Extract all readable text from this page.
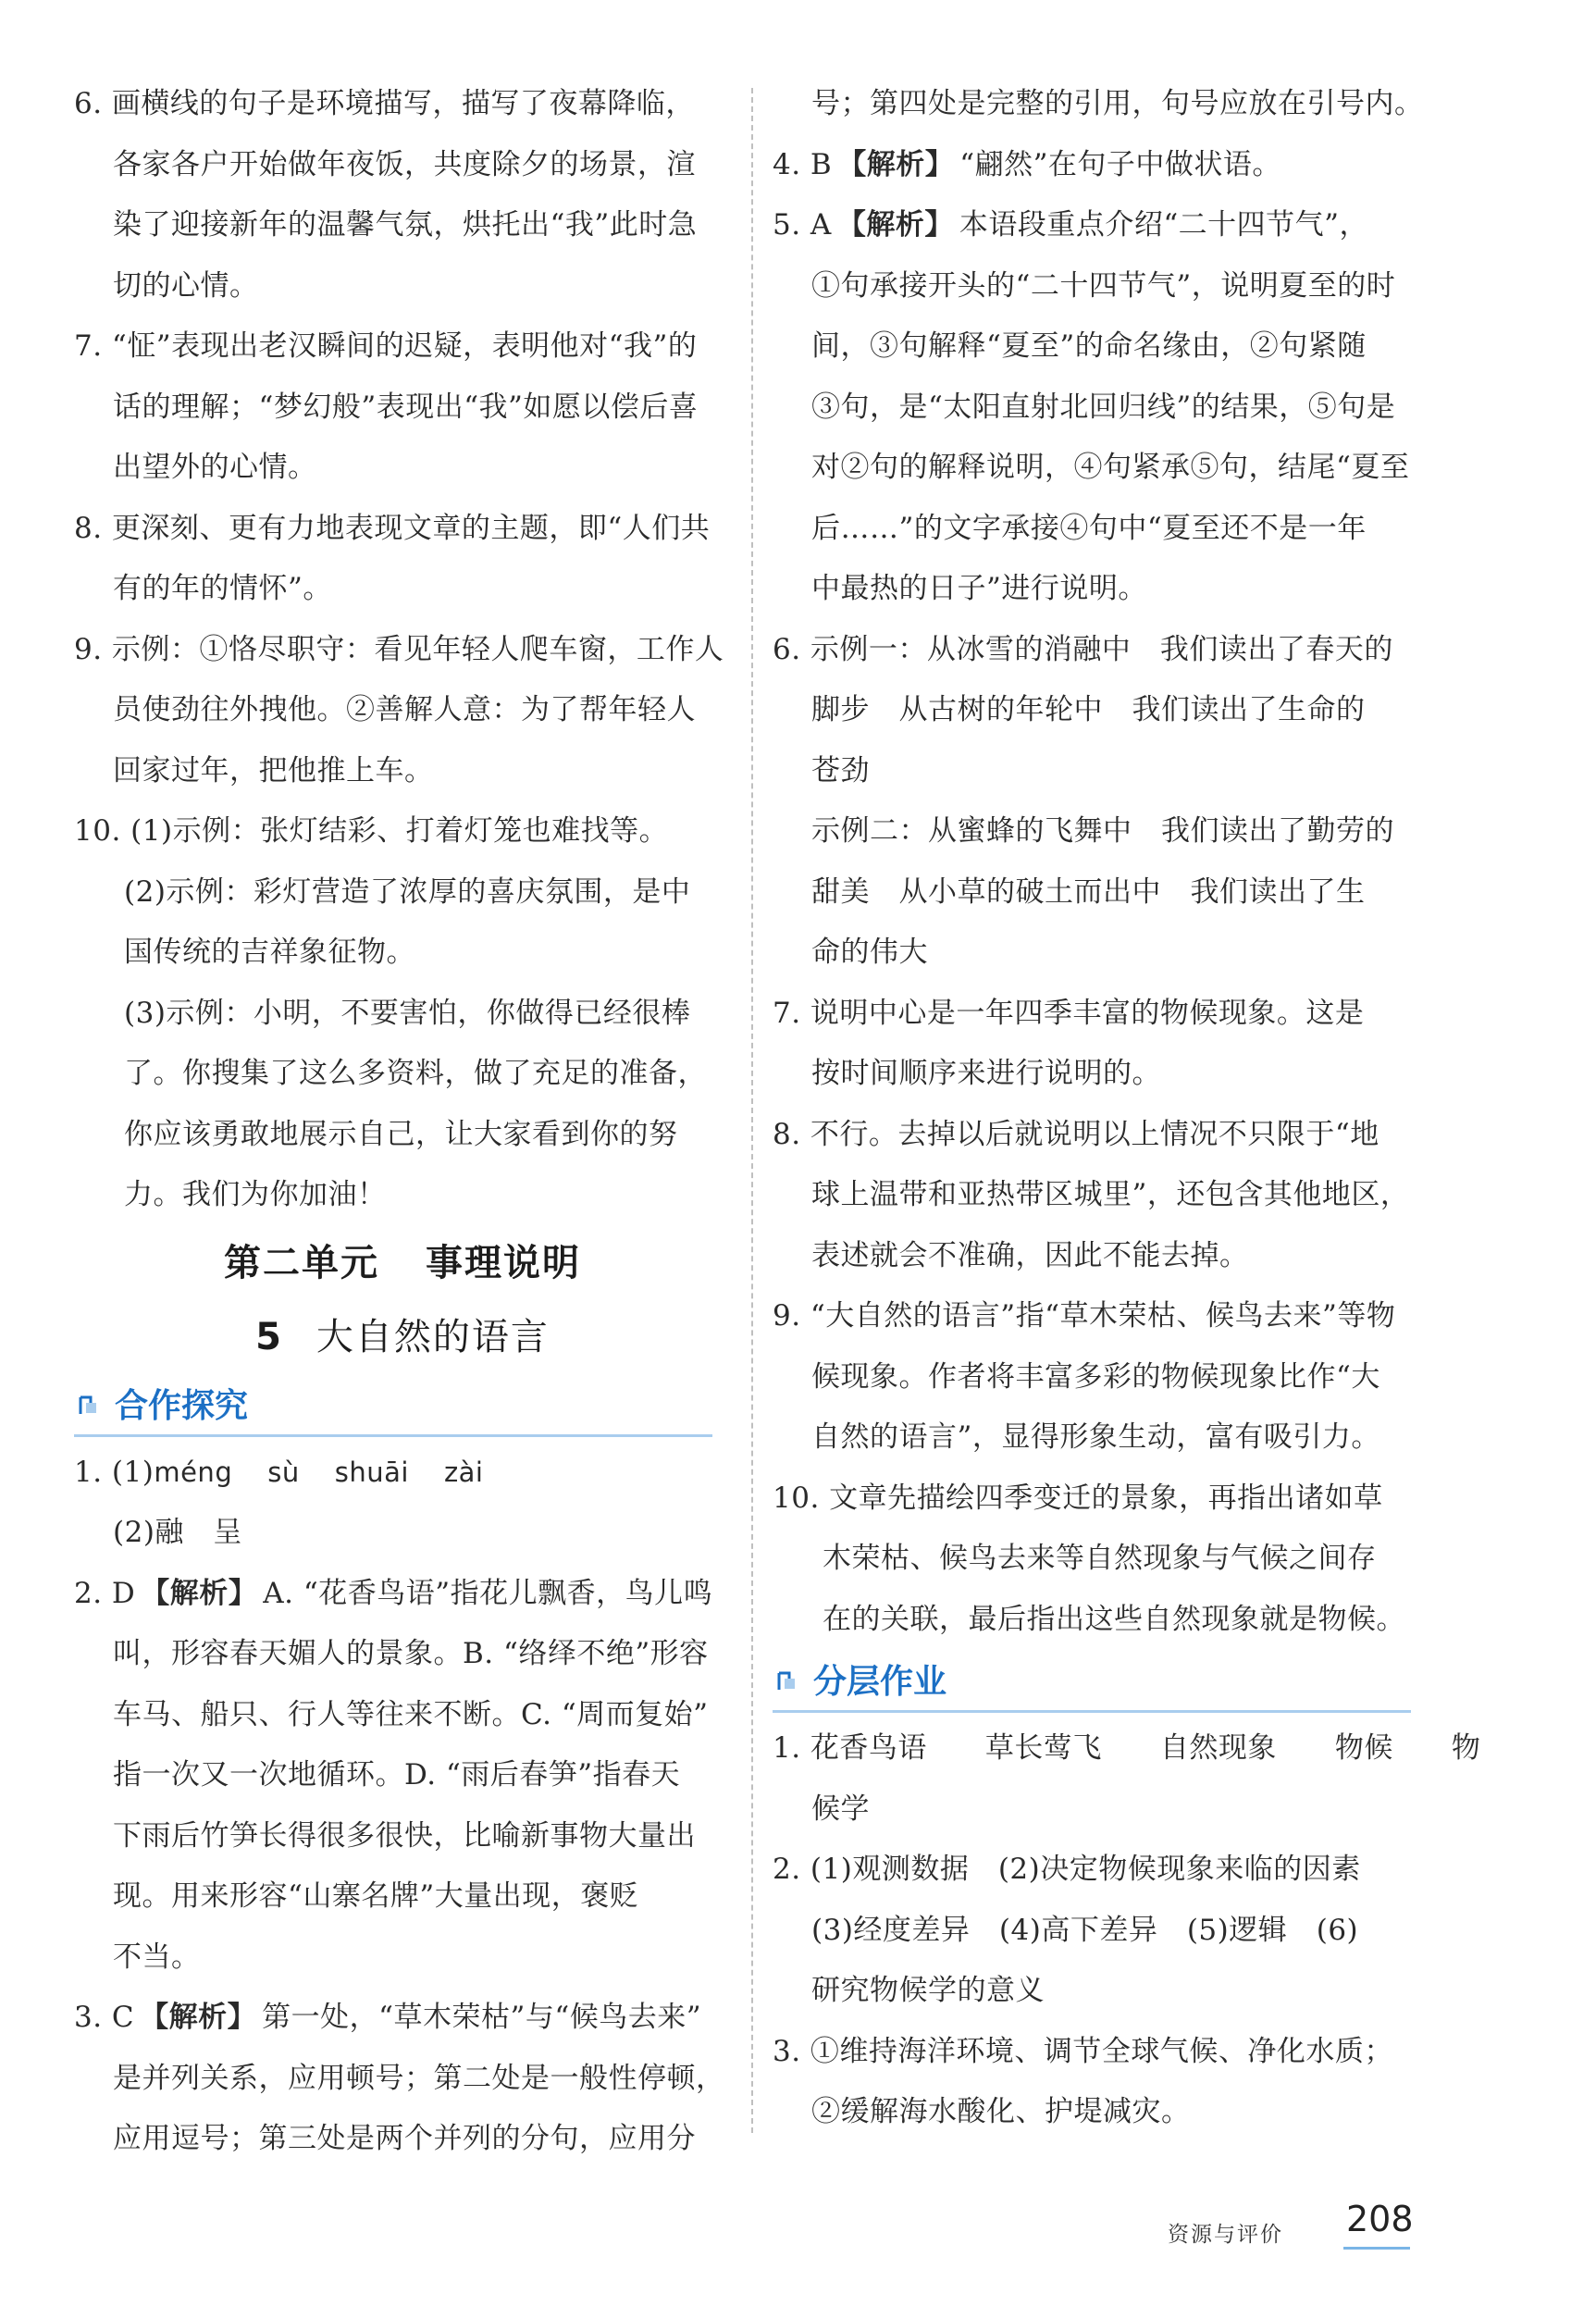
6. 画横线的句子是环境描写，描写了夜幕降临，
各家各户开始做年夜饭，共度除夕的场景，渲
染了迎接新年的温馨气氛，烘托出“我”此时急
切的心情。
7. “怔”表现出老汉瞬间的迟疑，表明他对“我”的
话的理解；“梦幻般”表现出“我”如愿以偿后喜
出望外的心情。
8. 更深刻、更有力地表现文章的主题，即“人们共
有的年的情怀”。
9. 示例：①恪尽职守：看见年轻人爬车窗，工作人
员使劲往外拽他。②善解人意：为了帮年轻人
回家过年，把他推上车。
10. (1)示例：张灯结彩、打着灯笼也难找等。
(2)示例：彩灯营造了浓厚的喜庆氛围，是中
国传统的吉祥象征物。
(3)示例：小明，不要害怕，你做得已经很棒
了。你搜集了这么多资料，做了充足的准备，
你应该勇敢地展示自己，让大家看到你的努
力。我们为你加油！
第二单元 事理说明
5 大自然的语言
合作探究
1. (1)méng sù shuāi zài
(2)融　呈
2. D 【解析】 A. “花香鸟语”指花儿飘香，鸟儿鸣
叫，形容春天媚人的景象。B. “络绎不绝”形容
车马、船只、行人等往来不断。C. “周而复始”
指一次又一次地循环。D. “雨后春笋”指春天
下雨后竹笋长得很多很快，比喻新事物大量出
现。用来形容“山寨名牌”大量出现，褒贬
不当。
3. C 【解析】 第一处，“草木荣枯”与“候鸟去来”
是并列关系，应用顿号；第二处是一般性停顿，
应用逗号；第三处是两个并列的分句，应用分
号；第四处是完整的引用，句号应放在引号内。
4. B 【解析】 “翩然”在句子中做状语。
5. A 【解析】 本语段重点介绍“二十四节气”，
①句承接开头的“二十四节气”，说明夏至的时
间，③句解释“夏至”的命名缘由，②句紧随
③句，是“太阳直射北回归线”的结果，⑤句是
对②句的解释说明，④句紧承⑤句，结尾“夏至
后……”的文字承接④句中“夏至还不是一年
中最热的日子”进行说明。
6. 示例一：从冰雪的消融中　我们读出了春天的
脚步　从古树的年轮中　我们读出了生命的
苍劲
示例二：从蜜蜂的飞舞中　我们读出了勤劳的
甜美　从小草的破土而出中　我们读出了生
命的伟大
7. 说明中心是一年四季丰富的物候现象。这是
按时间顺序来进行说明的。
8. 不行。去掉以后就说明以上情况不只限于“地
球上温带和亚热带区城里”，还包含其他地区，
表述就会不准确，因此不能去掉。
9. “大自然的语言”指“草木荣枯、候鸟去来”等物
候现象。作者将丰富多彩的物候现象比作“大
自然的语言”，显得形象生动，富有吸引力。
10. 文章先描绘四季变迁的景象，再指出诸如草
木荣枯、候鸟去来等自然现象与气候之间存
在的关联，最后指出这些自然现象就是物候。
分层作业
1. 花香鸟语　　草长莺飞　　自然现象　　物候　　物
候学
2. (1)观测数据　(2)决定物候现象来临的因素
(3)经度差异　(4)高下差异　(5)逻辑　(6)
研究物候学的意义
3. ①维持海洋环境、调节全球气候、净化水质；
②缓解海水酸化、护堤减灾。
资源与评价 208
